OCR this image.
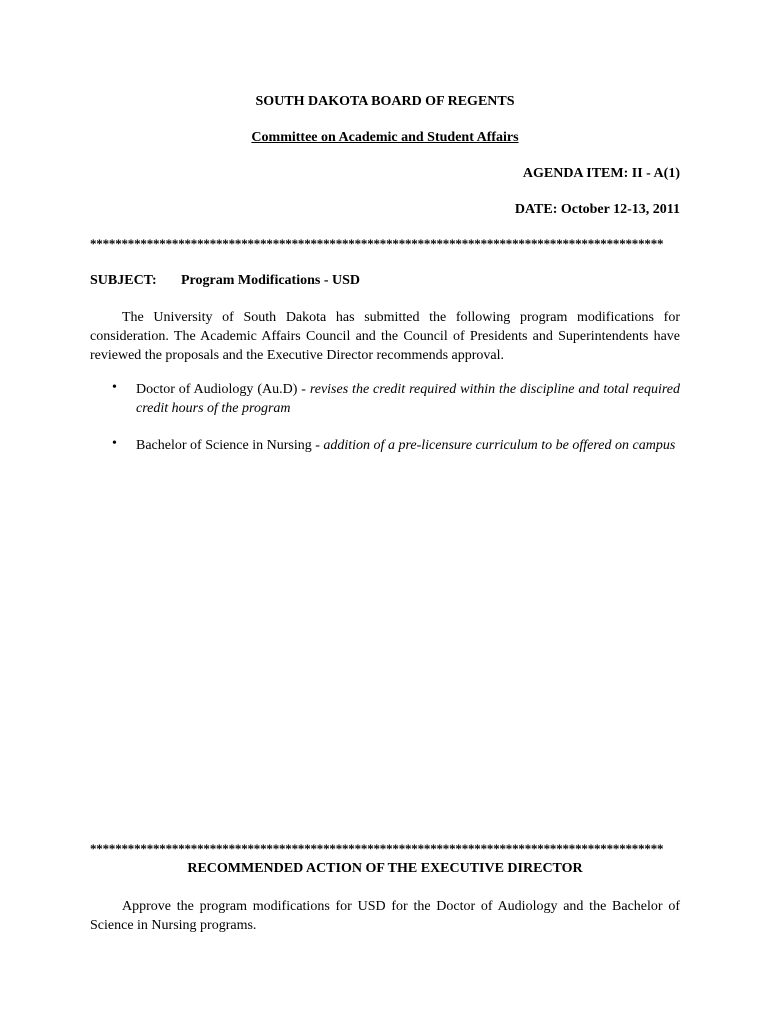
SOUTH DAKOTA BOARD OF REGENTS
Committee on Academic and Student Affairs
AGENDA ITEM: II - A(1)
DATE: October 12-13, 2011
*******************************************************************************************
SUBJECT: Program Modifications - USD
The University of South Dakota has submitted the following program modifications for consideration. The Academic Affairs Council and the Council of Presidents and Superintendents have reviewed the proposals and the Executive Director recommends approval.
• Doctor of Audiology (Au.D) - revises the credit required within the discipline and total required credit hours of the program
• Bachelor of Science in Nursing - addition of a pre-licensure curriculum to be offered on campus
*******************************************************************************************
RECOMMENDED ACTION OF THE EXECUTIVE DIRECTOR
Approve the program modifications for USD for the Doctor of Audiology and the Bachelor of Science in Nursing programs.
